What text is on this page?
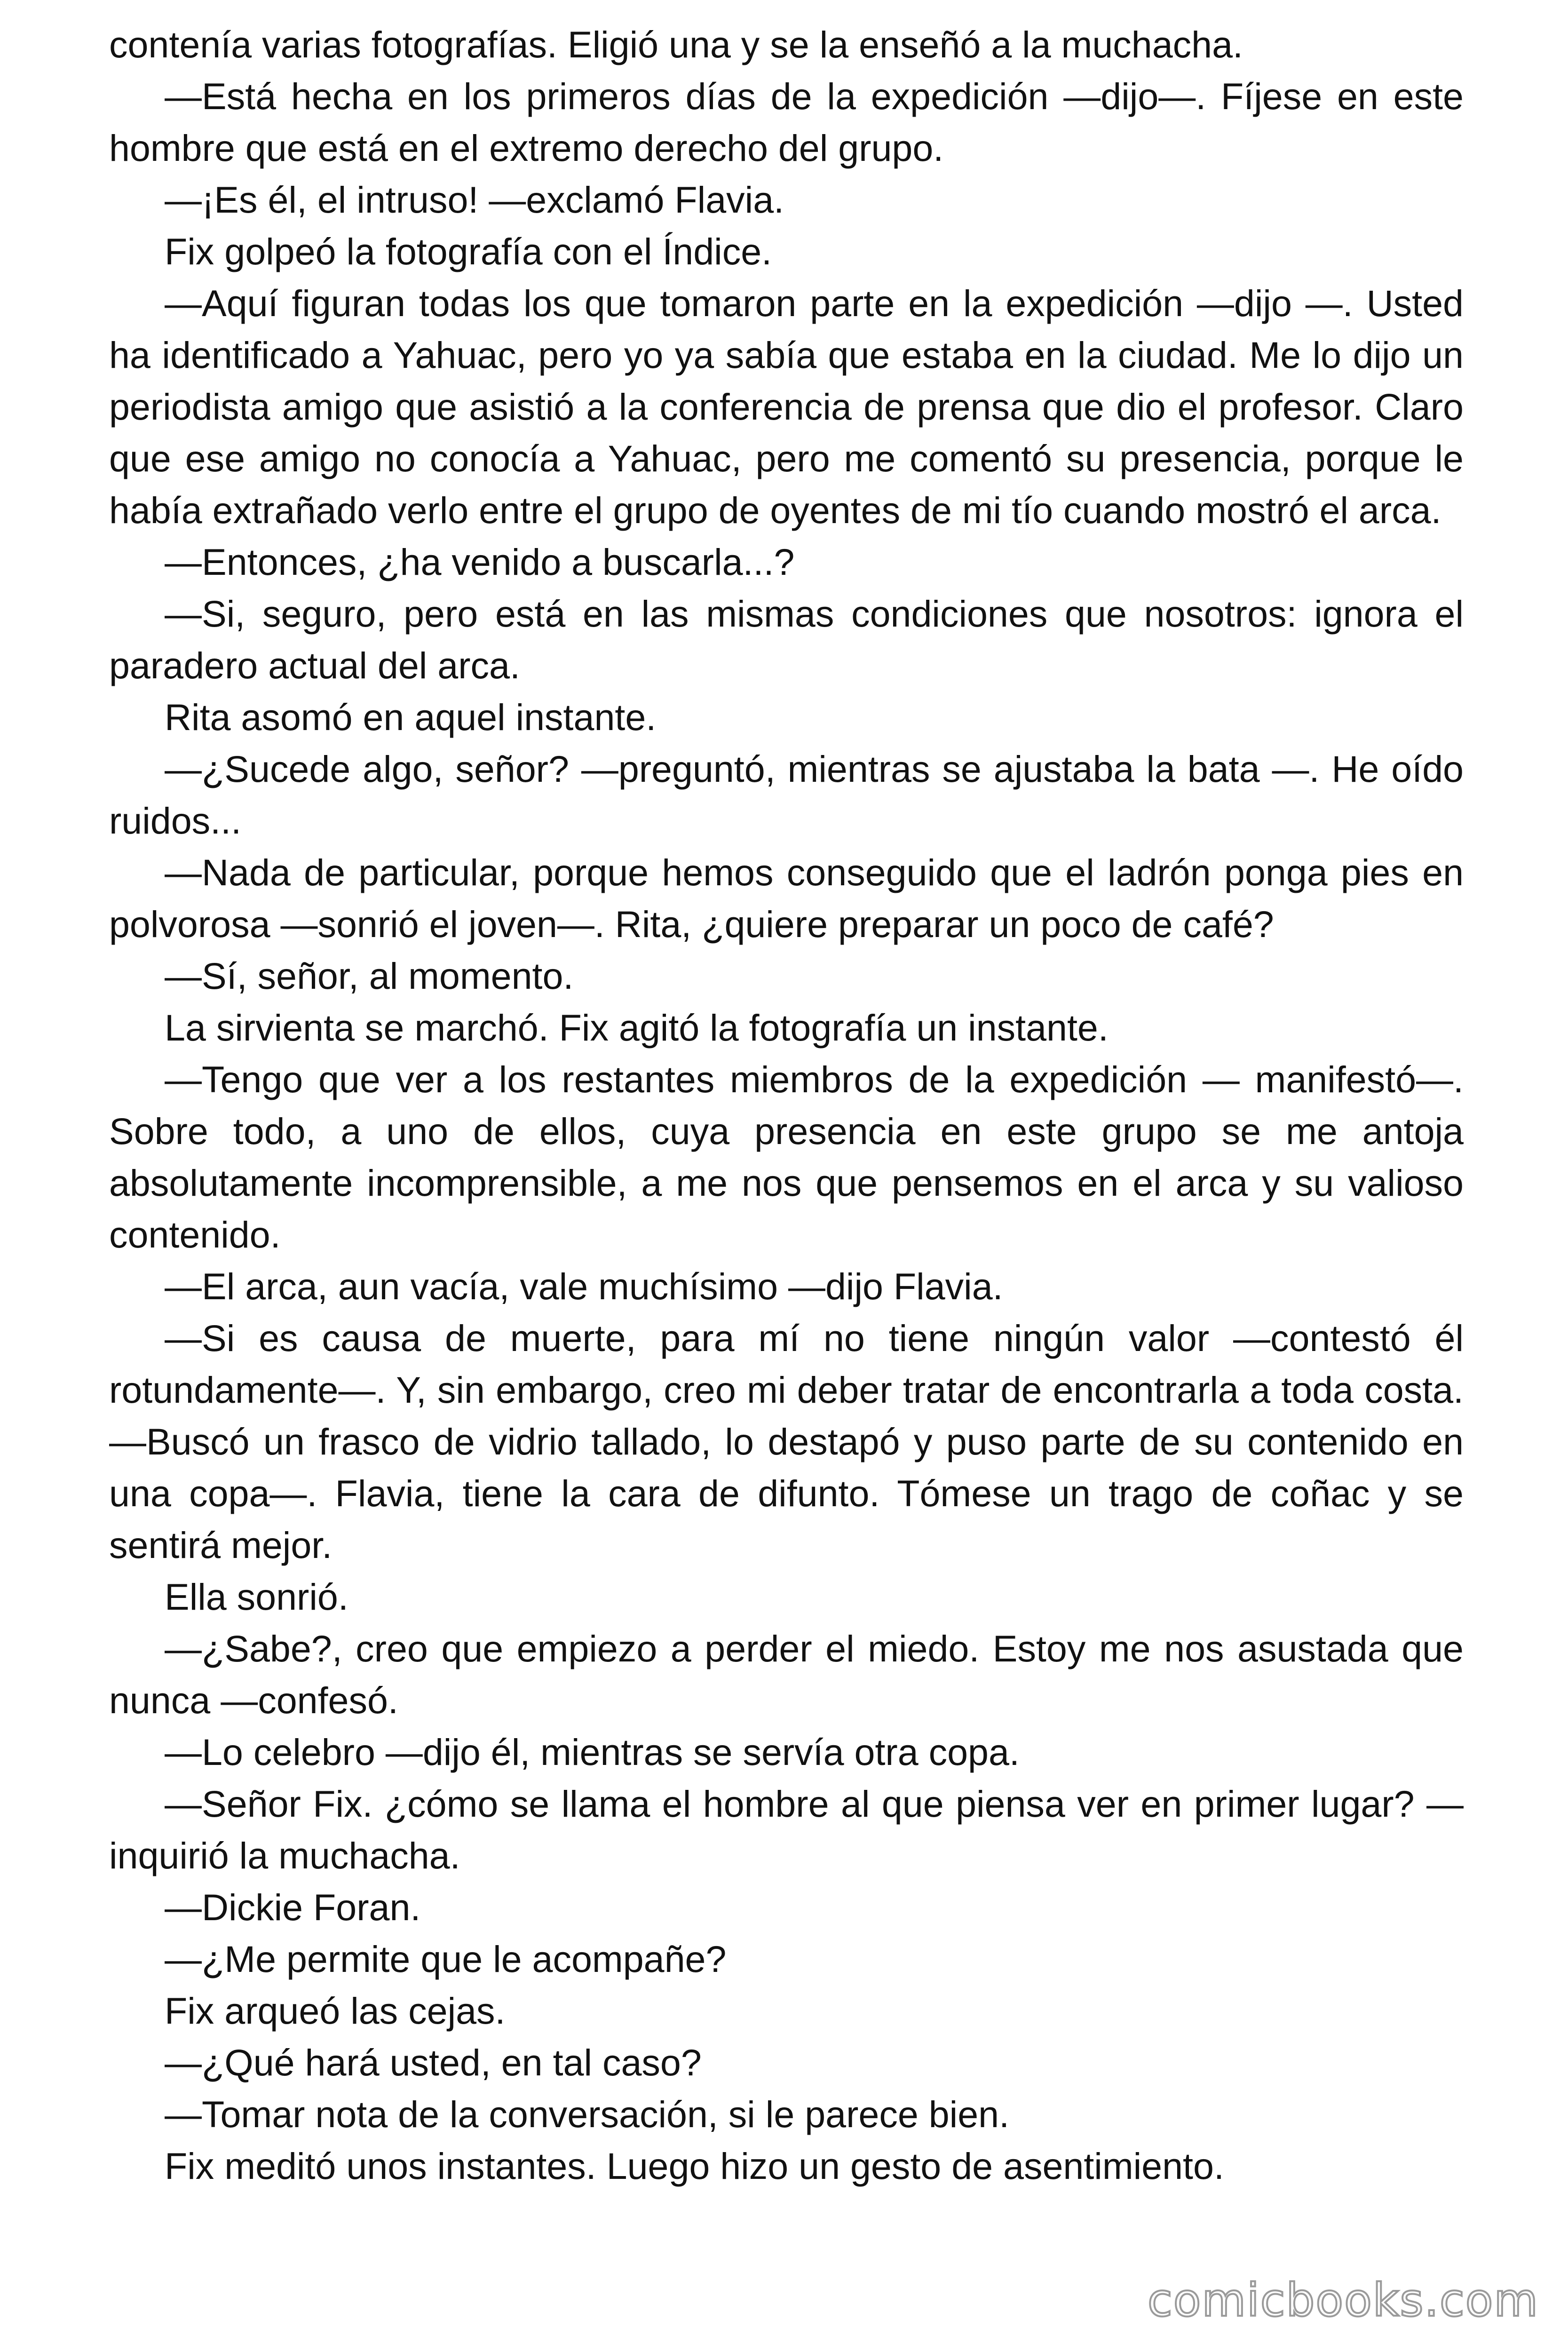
contenía varias fotografías. Eligió una y se la enseñó a la muchacha.

—Está hecha en los primeros días de la expedición —dijo—. Fíjese en este hombre que está en el extremo derecho del grupo.

—¡Es él, el intruso! —exclamó Flavia.

Fix golpeó la fotografía con el Índice.

—Aquí figuran todas los que tomaron parte en la expedición —dijo —. Usted ha identificado a Yahuac, pero yo ya sabía que estaba en la ciudad. Me lo dijo un periodista amigo que asistió a la conferencia de prensa que dio el profesor. Claro que ese amigo no conocía a Yahuac, pero me comentó su presencia, porque le había extrañado verlo entre el grupo de oyentes de mi tío cuando mostró el arca.

—Entonces, ¿ha venido a buscarla...?

—Si, seguro, pero está en las mismas condiciones que nosotros: ignora el paradero actual del arca.

Rita asomó en aquel instante.

—¿Sucede algo, señor? —preguntó, mientras se ajustaba la bata —. He oído ruidos...

—Nada de particular, porque hemos conseguido que el ladrón ponga pies en polvorosa —sonrió el joven—. Rita, ¿quiere preparar un poco de café?

—Sí, señor, al momento.

La sirvienta se marchó. Fix agitó la fotografía un instante.

—Tengo que ver a los restantes miembros de la expedición — manifestó—. Sobre todo, a uno de ellos, cuya presencia en este grupo se me antoja absolutamente incomprensible, a me nos que pensemos en el arca y su valioso contenido.

—El arca, aun vacía, vale muchísimo —dijo Flavia.

—Si es causa de muerte, para mí no tiene ningún valor —contestó él rotundamente—. Y, sin embargo, creo mi deber tratar de encontrarla a toda costa. —Buscó un frasco de vidrio tallado, lo destapó y puso parte de su contenido en una copa—. Flavia, tiene la cara de difunto. Tómese un trago de coñac y se sentirá mejor.

Ella sonrió.

—¿Sabe?, creo que empiezo a perder el miedo. Estoy me nos asustada que nunca —confesó.

—Lo celebro —dijo él, mientras se servía otra copa.

—Señor Fix. ¿cómo se llama el hombre al que piensa ver en primer lugar? —inquirió la muchacha.

—Dickie Foran.

—¿Me permite que le acompañe?

Fix arqueó las cejas.

—¿Qué hará usted, en tal caso?

—Tomar nota de la conversación, si le parece bien.

Fix meditó unos instantes. Luego hizo un gesto de asentimiento.

comicbooks.com
